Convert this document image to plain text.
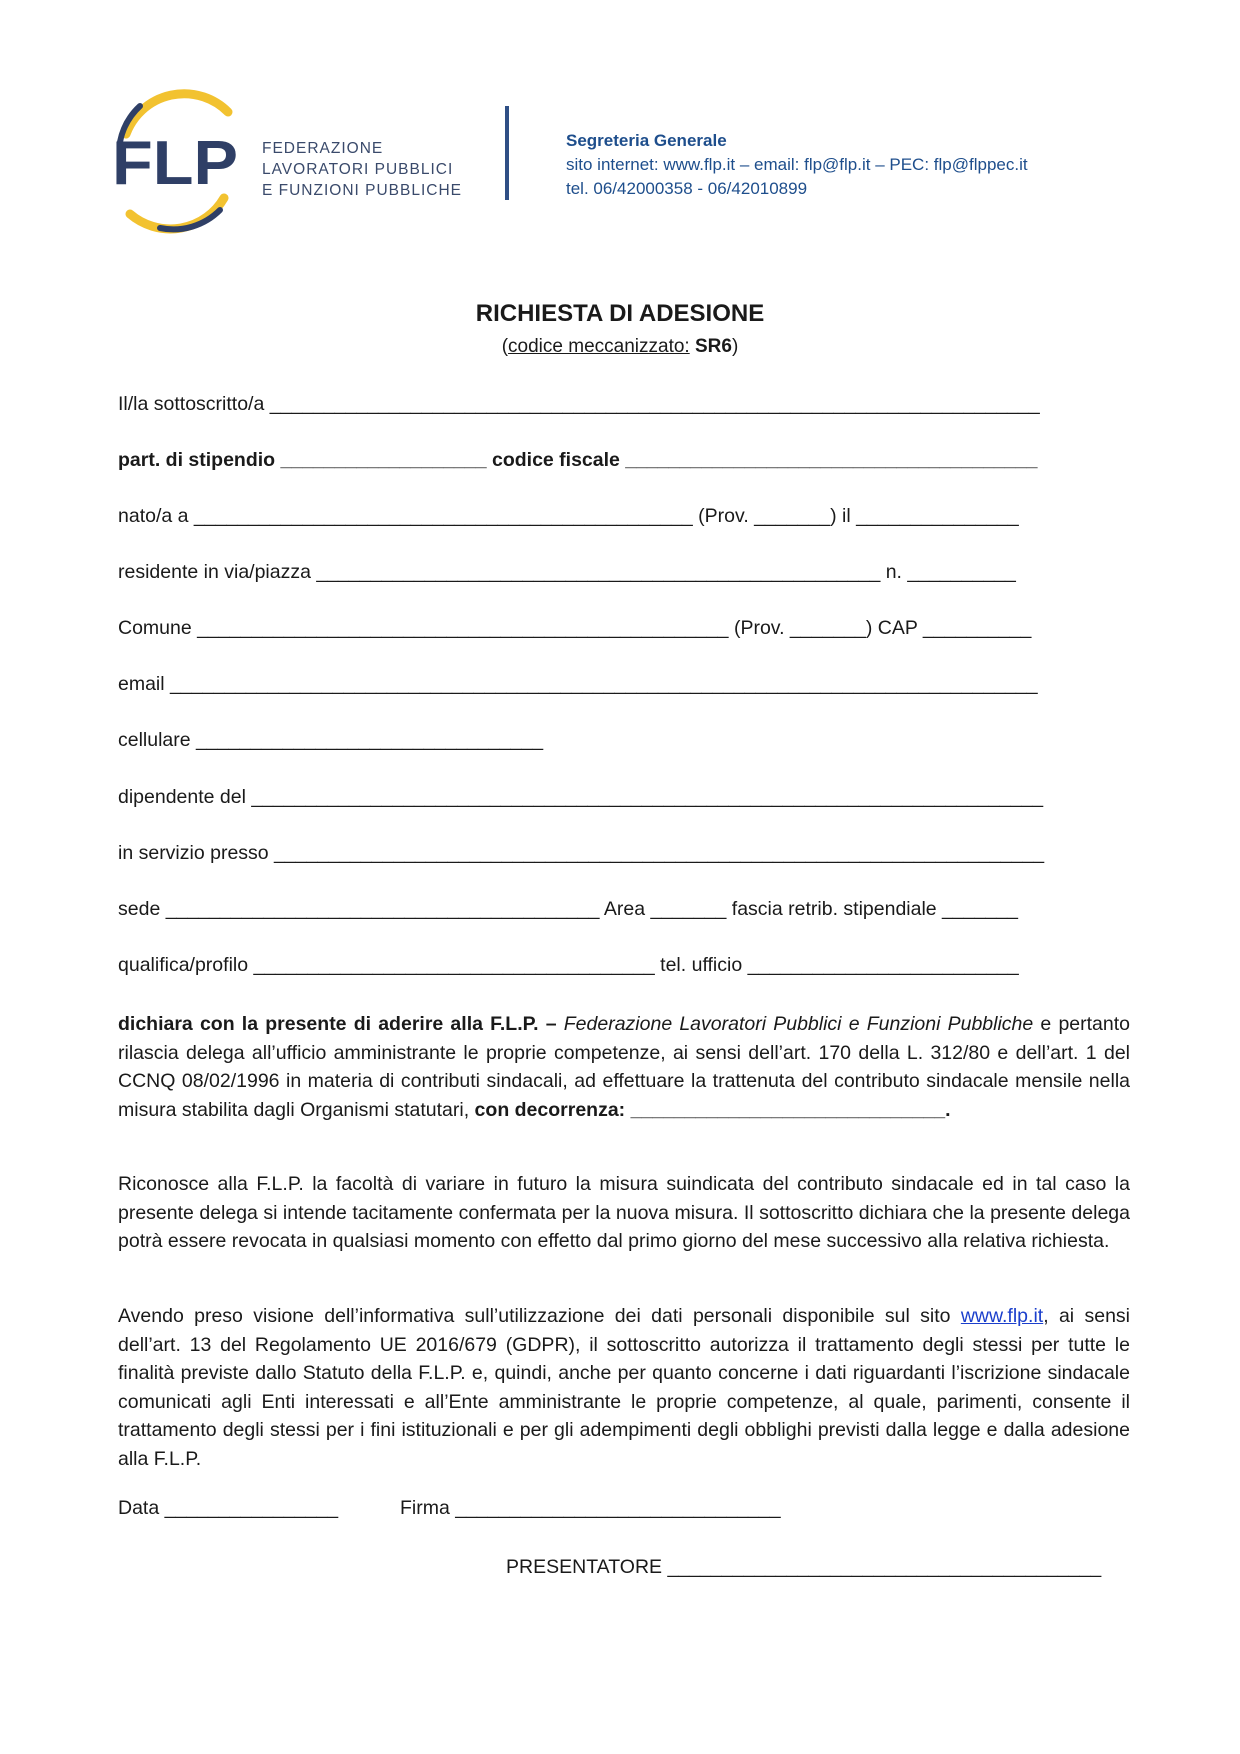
FLP FEDERAZIONE
LAVORATORI PUBBLICI
E FUNZIONI PUBBLICHE
Segreteria Generale
sito internet: www.flp.it – email: flp@flp.it – PEC: flp@flppec.it
tel. 06/42000358 - 06/42010899
RICHIESTA DI ADESIONE
(codice meccanizzato: SR6)
Il/la sottoscritto/a _______________________________________________________________________
part. di stipendio ___________________ codice fiscale ______________________________________
nato/a a ______________________________________________ (Prov. _______) il _______________
residente in via/piazza ____________________________________________________ n. __________
Comune _________________________________________________ (Prov. _______) CAP __________
email ________________________________________________________________________________
cellulare ________________________________
dipendente del _________________________________________________________________________
in servizio presso _______________________________________________________________________
sede ________________________________________ Area _______ fascia retrib. stipendiale _______
qualifica/profilo _____________________________________ tel. ufficio _________________________
dichiara con la presente di aderire alla F.L.P. – Federazione Lavoratori Pubblici e Funzioni Pubbliche e pertanto rilascia delega all’ufficio amministrante le proprie competenze, ai sensi dell’art. 170 della L. 312/80 e dell’art. 1 del CCNQ 08/02/1996 in materia di contributi sindacali, ad effettuare la trattenuta del contributo sindacale mensile nella misura stabilita dagli Organismi statutari, con decorrenza: _____________________________.
Riconosce alla F.L.P. la facoltà di variare in futuro la misura suindicata del contributo sindacale ed in tal caso la presente delega si intende tacitamente confermata per la nuova misura. Il sottoscritto dichiara che la presente delega potrà essere revocata in qualsiasi momento con effetto dal primo giorno del mese successivo alla relativa richiesta.
Avendo preso visione dell’informativa sull’utilizzazione dei dati personali disponibile sul sito www.flp.it, ai sensi dell’art. 13 del Regolamento UE 2016/679 (GDPR), il sottoscritto autorizza il trattamento degli stessi per tutte le finalità previste dallo Statuto della F.L.P. e, quindi, anche per quanto concerne i dati riguardanti l’iscrizione sindacale comunicati agli Enti interessati e all’Ente amministrante le proprie competenze, al quale, parimenti, consente il trattamento degli stessi per i fini istituzionali e per gli adempimenti degli obblighi previsti dalla legge e dalla adesione alla F.L.P.
Data ________________	Firma ______________________________
PRESENTATORE ________________________________________
